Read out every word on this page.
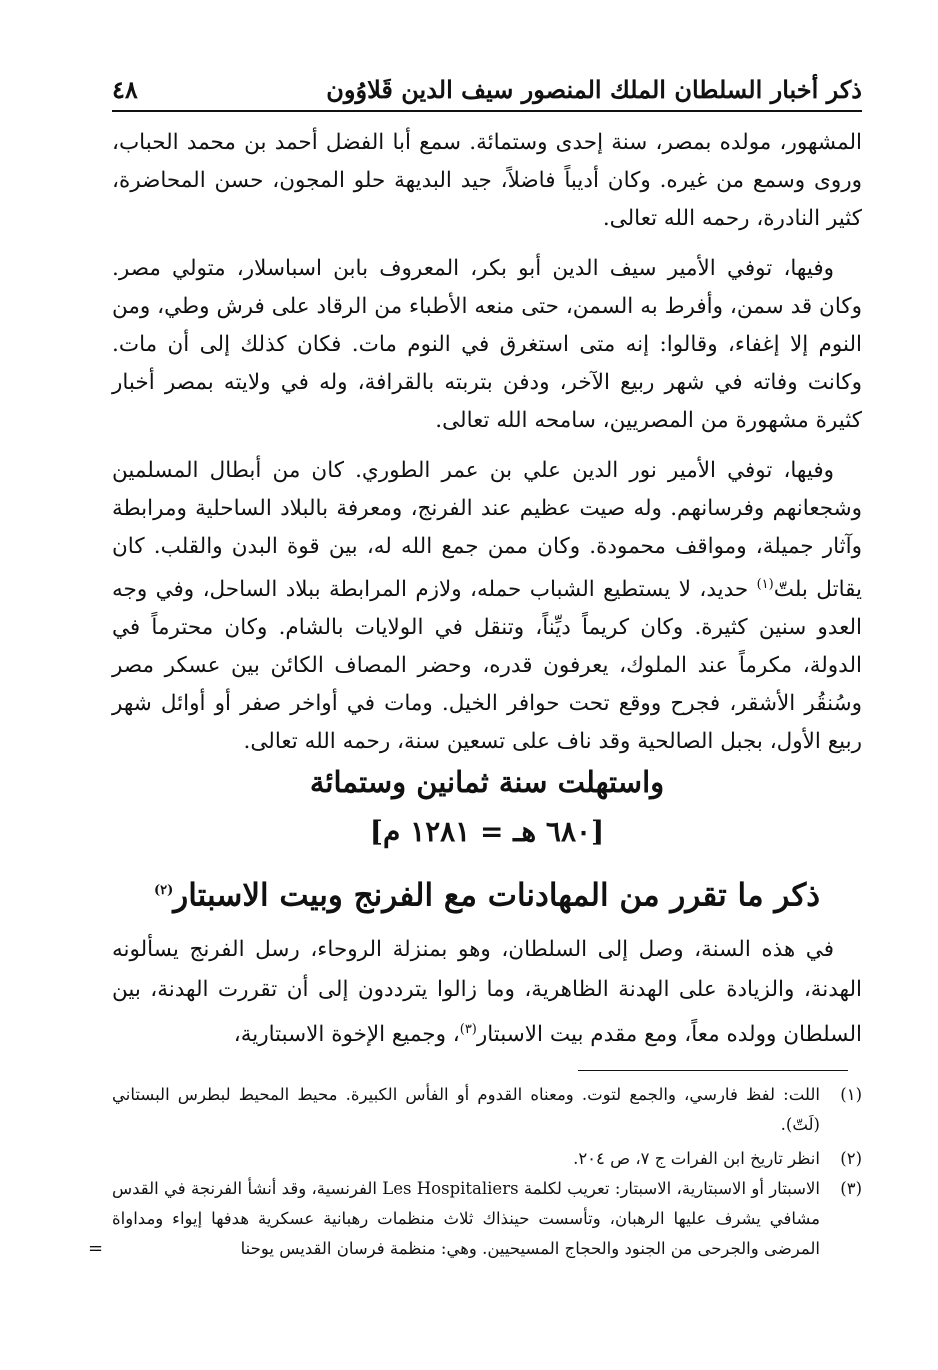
ذكر أخبار السلطان الملك المنصور سيف الدين قَلاوُون
٤٨

المشهور، مولده بمصر، سنة إحدى وستمائة. سمع أبا الفضل أحمد بن محمد الحباب، وروى وسمع من غيره. وكان أديباً فاضلاً، جيد البديهة حلو المجون، حسن المحاضرة، كثير النادرة، رحمه الله تعالى.

وفيها، توفي الأمير سيف الدين أبو بكر، المعروف بابن اسباسلار، متولي مصر. وكان قد سمن، وأفرط به السمن، حتى منعه الأطباء من الرقاد على فرش وطي، ومن النوم إلا إغفاء، وقالوا: إنه متى استغرق في النوم مات. فكان كذلك إلى أن مات. وكانت وفاته في شهر ربيع الآخر، ودفن بتربته بالقرافة، وله في ولايته بمصر أخبار كثيرة مشهورة من المصريين، سامحه الله تعالى.

وفيها، توفي الأمير نور الدين علي بن عمر الطوري. كان من أبطال المسلمين وشجعانهم وفرسانهم. وله صيت عظيم عند الفرنج، ومعرفة بالبلاد الساحلية ومرابطة وآثار جميلة، ومواقف محمودة. وكان ممن جمع الله له، بين قوة البدن والقلب. كان يقاتل بلتّ$^{(١)}$ حديد، لا يستطيع الشباب حمله، ولازم المرابطة ببلاد الساحل، وفي وجه العدو سنين كثيرة. وكان كريماً ديِّناً، وتنقل في الولايات بالشام. وكان محترماً في الدولة، مكرماً عند الملوك، يعرفون قدره، وحضر المصاف الكائن بين عسكر مصر وسُنقُر الأشقر، فجرح ووقع تحت حوافر الخيل. ومات في أواخر صفر أو أوائل شهر ربيع الأول، بجبل الصالحية وقد ناف على تسعين سنة، رحمه الله تعالى.

واستهلت سنة ثمانين وستمائة
[٦٨٠ هـ = ١٢٨١ م]
ذكر ما تقرر من المهادنات مع الفرنج وبيت الاسبتار$^{(٢)}$

في هذه السنة، وصل إلى السلطان، وهو بمنزلة الروحاء، رسل الفرنج يسألونه الهدنة، والزيادة على الهدنة الظاهرية، وما زالوا يترددون إلى أن تقررت الهدنة، بين السلطان وولده معاً، ومع مقدم بيت الاسبتار$^{(٣)}$، وجميع الإخوة الاسبتارية،

(١)
اللت: لفظ فارسي، والجمع لتوت. ومعناه القدوم أو الفأس الكبيرة. محيط المحيط لبطرس البستاني (لَتّ).
(٢)
انظر تاريخ ابن الفرات ج ٧، ص ٢٠٤.
(٣)
الاسبتار أو الاسبتارية، الاسبتار: تعريب لكلمة Les Hospitaliers الفرنسية، وقد أنشأ الفرنجة في القدس مشافي يشرف عليها الرهبان، وتأسست حينذاك ثلاث منظمات رهبانية عسكرية هدفها إيواء ومداواة المرضى والجرحى من الجنود والحجاج المسيحيين. وهي: منظمة فرسان القديس يوحنا
=
